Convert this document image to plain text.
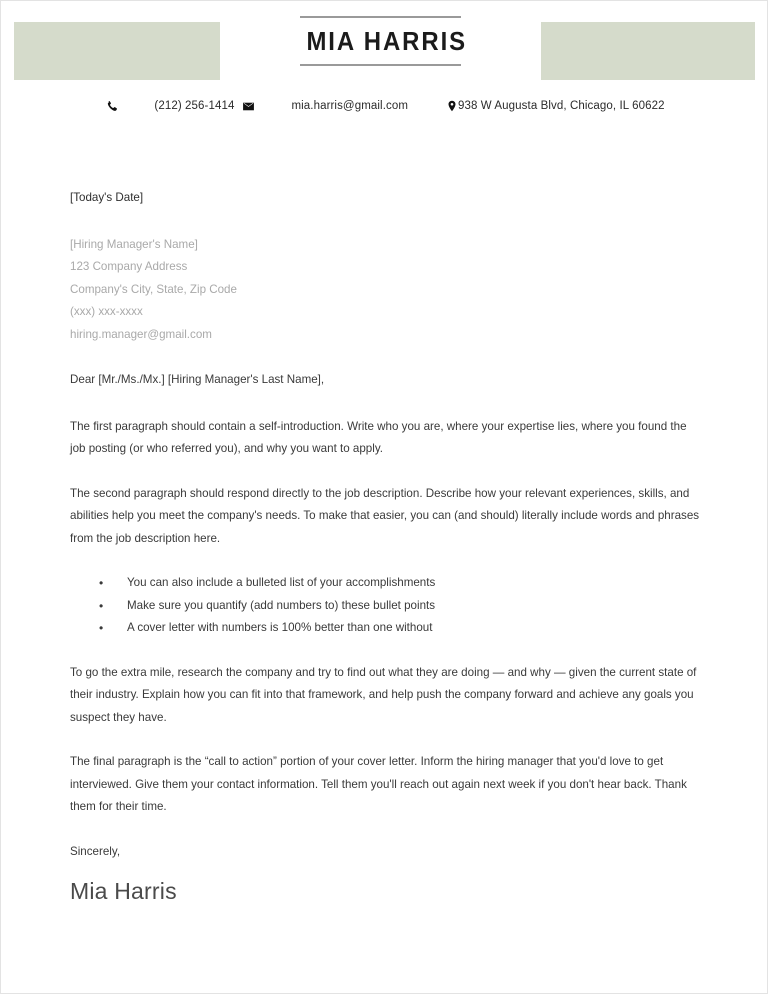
MIA HARRIS
(212) 256-1414	mia.harris@gmail.com	938 W Augusta Blvd, Chicago, IL 60622
[Today's Date]
[Hiring Manager's Name]
123 Company Address
Company's City, State, Zip Code
(xxx) xxx-xxxx
hiring.manager@gmail.com
Dear [Mr./Ms./Mx.] [Hiring Manager's Last Name],

The first paragraph should contain a self-introduction. Write who you are, where your expertise lies, where you found the job posting (or who referred you), and why you want to apply.

The second paragraph should respond directly to the job description. Describe how your relevant experiences, skills, and abilities help you meet the company's needs. To make that easier, you can (and should) literally include words and phrases from the job description here.

• You can also include a bulleted list of your accomplishments
• Make sure you quantify (add numbers to) these bullet points
• A cover letter with numbers is 100% better than one without

To go the extra mile, research the company and try to find out what they are doing — and why — given the current state of their industry. Explain how you can fit into that framework, and help push the company forward and achieve any goals you suspect they have.

The final paragraph is the “call to action” portion of your cover letter. Inform the hiring manager that you'd love to get interviewed. Give them your contact information. Tell them you'll reach out again next week if you don't hear back. Thank them for their time.

Sincerely,
Mia Harris
